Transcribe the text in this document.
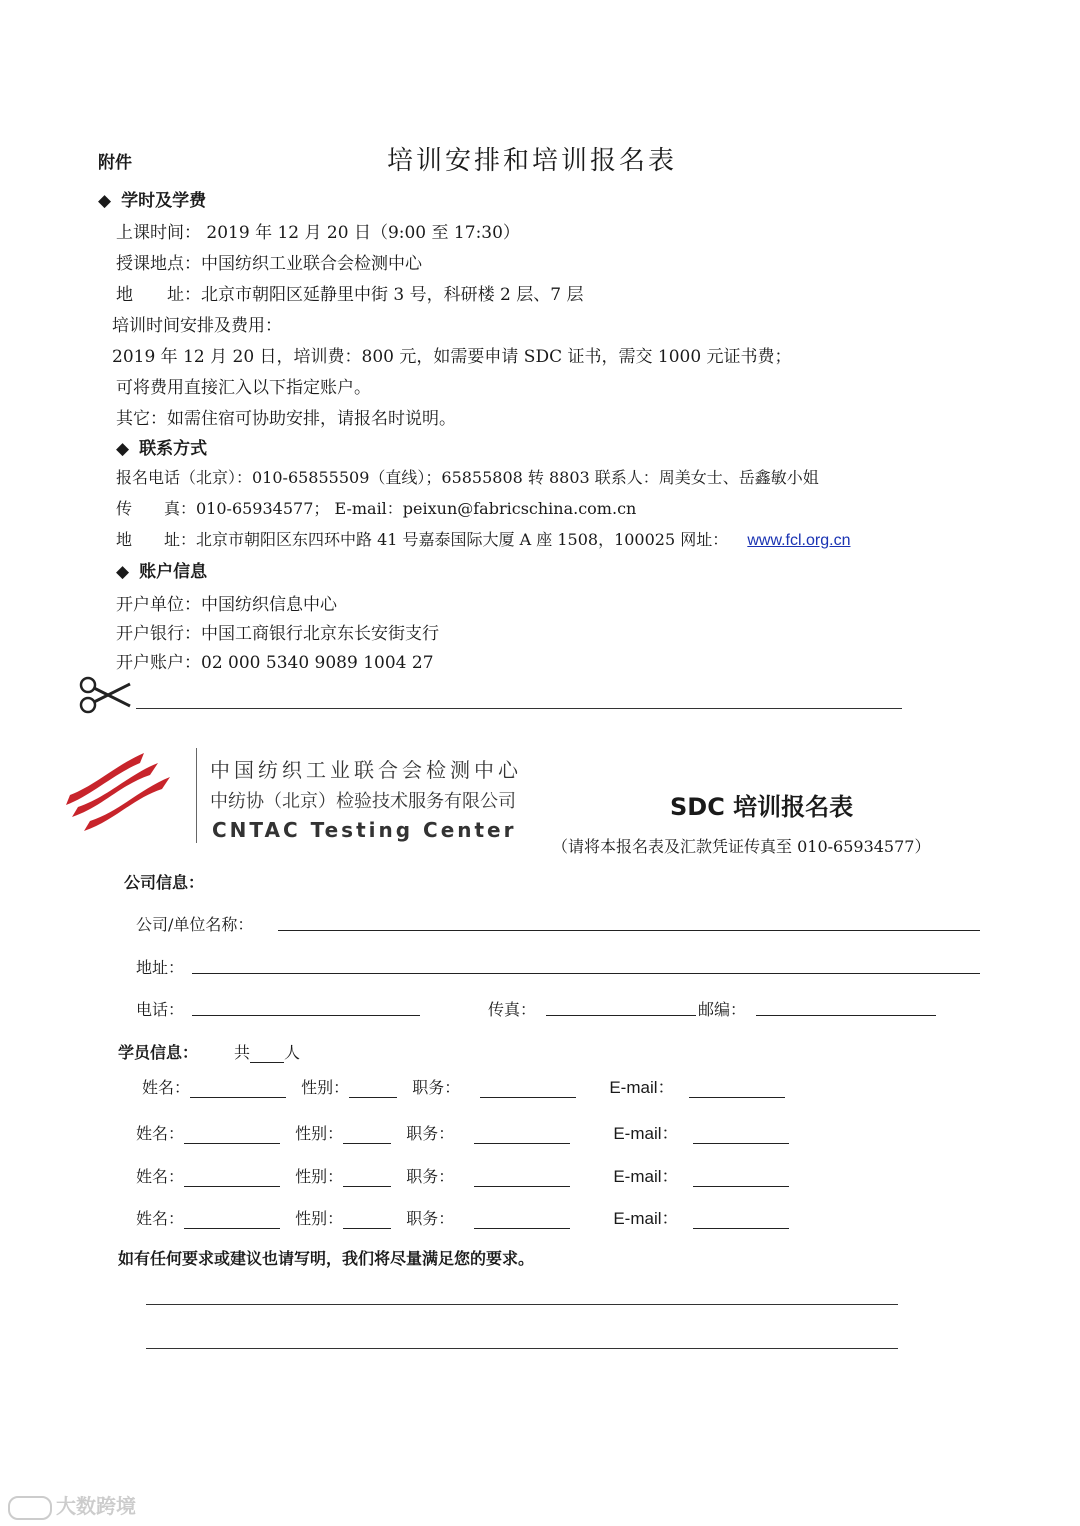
附件	培训安排和培训报名表
◆ 学时及学费
上课时间： 2019 年 12 月 20 日（9:00 至 17:30）
授课地点：中国纺织工业联合会检测中心
地　　址：北京市朝阳区延静里中街 3 号，科研楼 2 层、7 层
培训时间安排及费用：
2019 年 12 月 20 日，培训费：800 元，如需要申请 SDC 证书，需交 1000 元证书费；
可将费用直接汇入以下指定账户。
其它：如需住宿可协助安排，请报名时说明。
◆ 联系方式
报名电话（北京）：010-65855509（直线）；65855808 转 8803 联系人：周美女士、岳鑫敏小姐
传　　真：010-65934577； E-mail：peixun@fabricschina.com.cn
地　　址：北京市朝阳区东四环中路 41 号嘉泰国际大厦 A 座 1508，100025 网址： www.fcl.org.cn
◆ 账户信息
开户单位：中国纺织信息中心
开户银行：中国工商银行北京东长安街支行
开户账户：02 000 5340 9089 1004 27
中国纺织工业联合会检测中心
中纺协（北京）检验技术服务有限公司
CNTAC Testing Center
SDC 培训报名表
（请将本报名表及汇款凭证传真至 010-65934577）
公司信息：
公司/单位名称：
地址：
电话：	传真：	邮编：
学员信息： 共 人
姓名：	性别：	职务：	E-mail：
姓名：	性别：	职务：	E-mail：
姓名：	性别：	职务：	E-mail：
姓名：	性别：	职务：	E-mail：
如有任何要求或建议也请写明，我们将尽量满足您的要求。
大数跨境
